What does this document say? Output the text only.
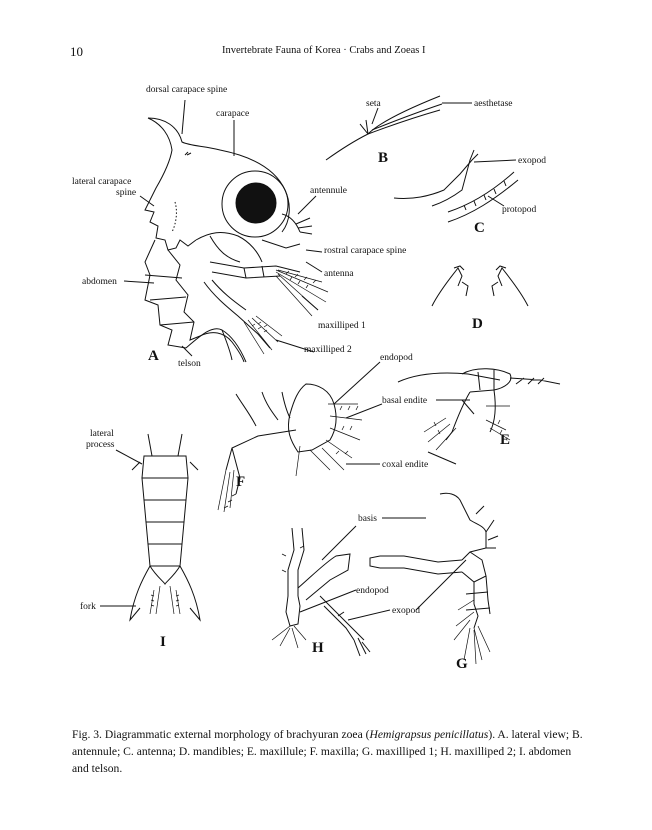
10	Invertebrate Fauna of Korea · Crabs and Zoeas I
dorsal carapace spine
carapace
lateral carapace
spine	antennule
rostral carapace spine
antenna
abdomen
maxilliped 1
maxilliped 2
telson
seta	aesthetase
exopod
protopod
endopod
basal endite
coxal endite
lateral
process
fork
basis
endopod
exopod
A
B
C
D
E
F
G
H
I

Fig. 3. Diagrammatic external morphology of brachyuran zoea (Hemigrapsus penicillatus). A. lateral view; B. antennule; C. antenna; D. mandibles; E. maxillule; F. maxilla; G. maxilliped 1; H. maxilliped 2; I. abdomen and telson.
